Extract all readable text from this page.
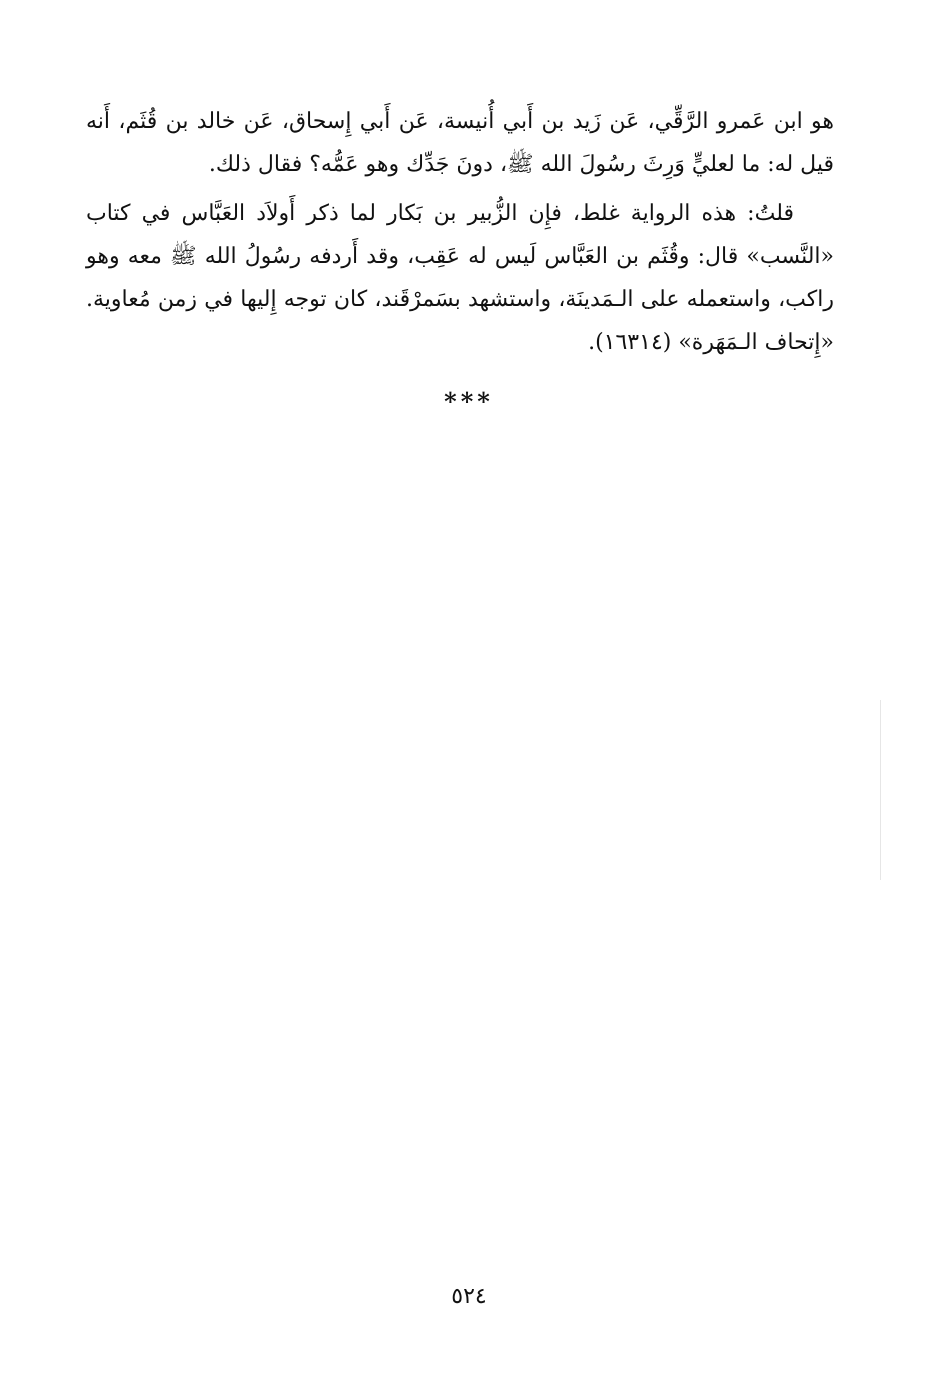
هو ابن عَمرو الرَّقِّي، عَن زَيد بن أَبي أُنيسة، عَن أَبي إِسحاق، عَن خالد بن قُثَم، أَنه قيل له: ما لعليٍّ وَرِثَ رسُولَ الله ﷺ، دونَ جَدِّك وهو عَمُّه؟ فقال ذلك.

قلتُ: هذه الرواية غلط، فإِن الزُّبير بن بَكار لما ذكر أَولاَد العَبَّاس في كتاب «النَّسب» قال: وقُثَم بن العَبَّاس لَيس له عَقِب، وقد أَردفه رسُولُ الله ﷺ معه وهو راكب، واستعمله على الـمَدينَة، واستشهد بسَمرْقَند، كان توجه إِليها في زمن مُعاوية. «إِتحاف الـمَهَرة» (١٦٣١٤).

***
٥٢٤
